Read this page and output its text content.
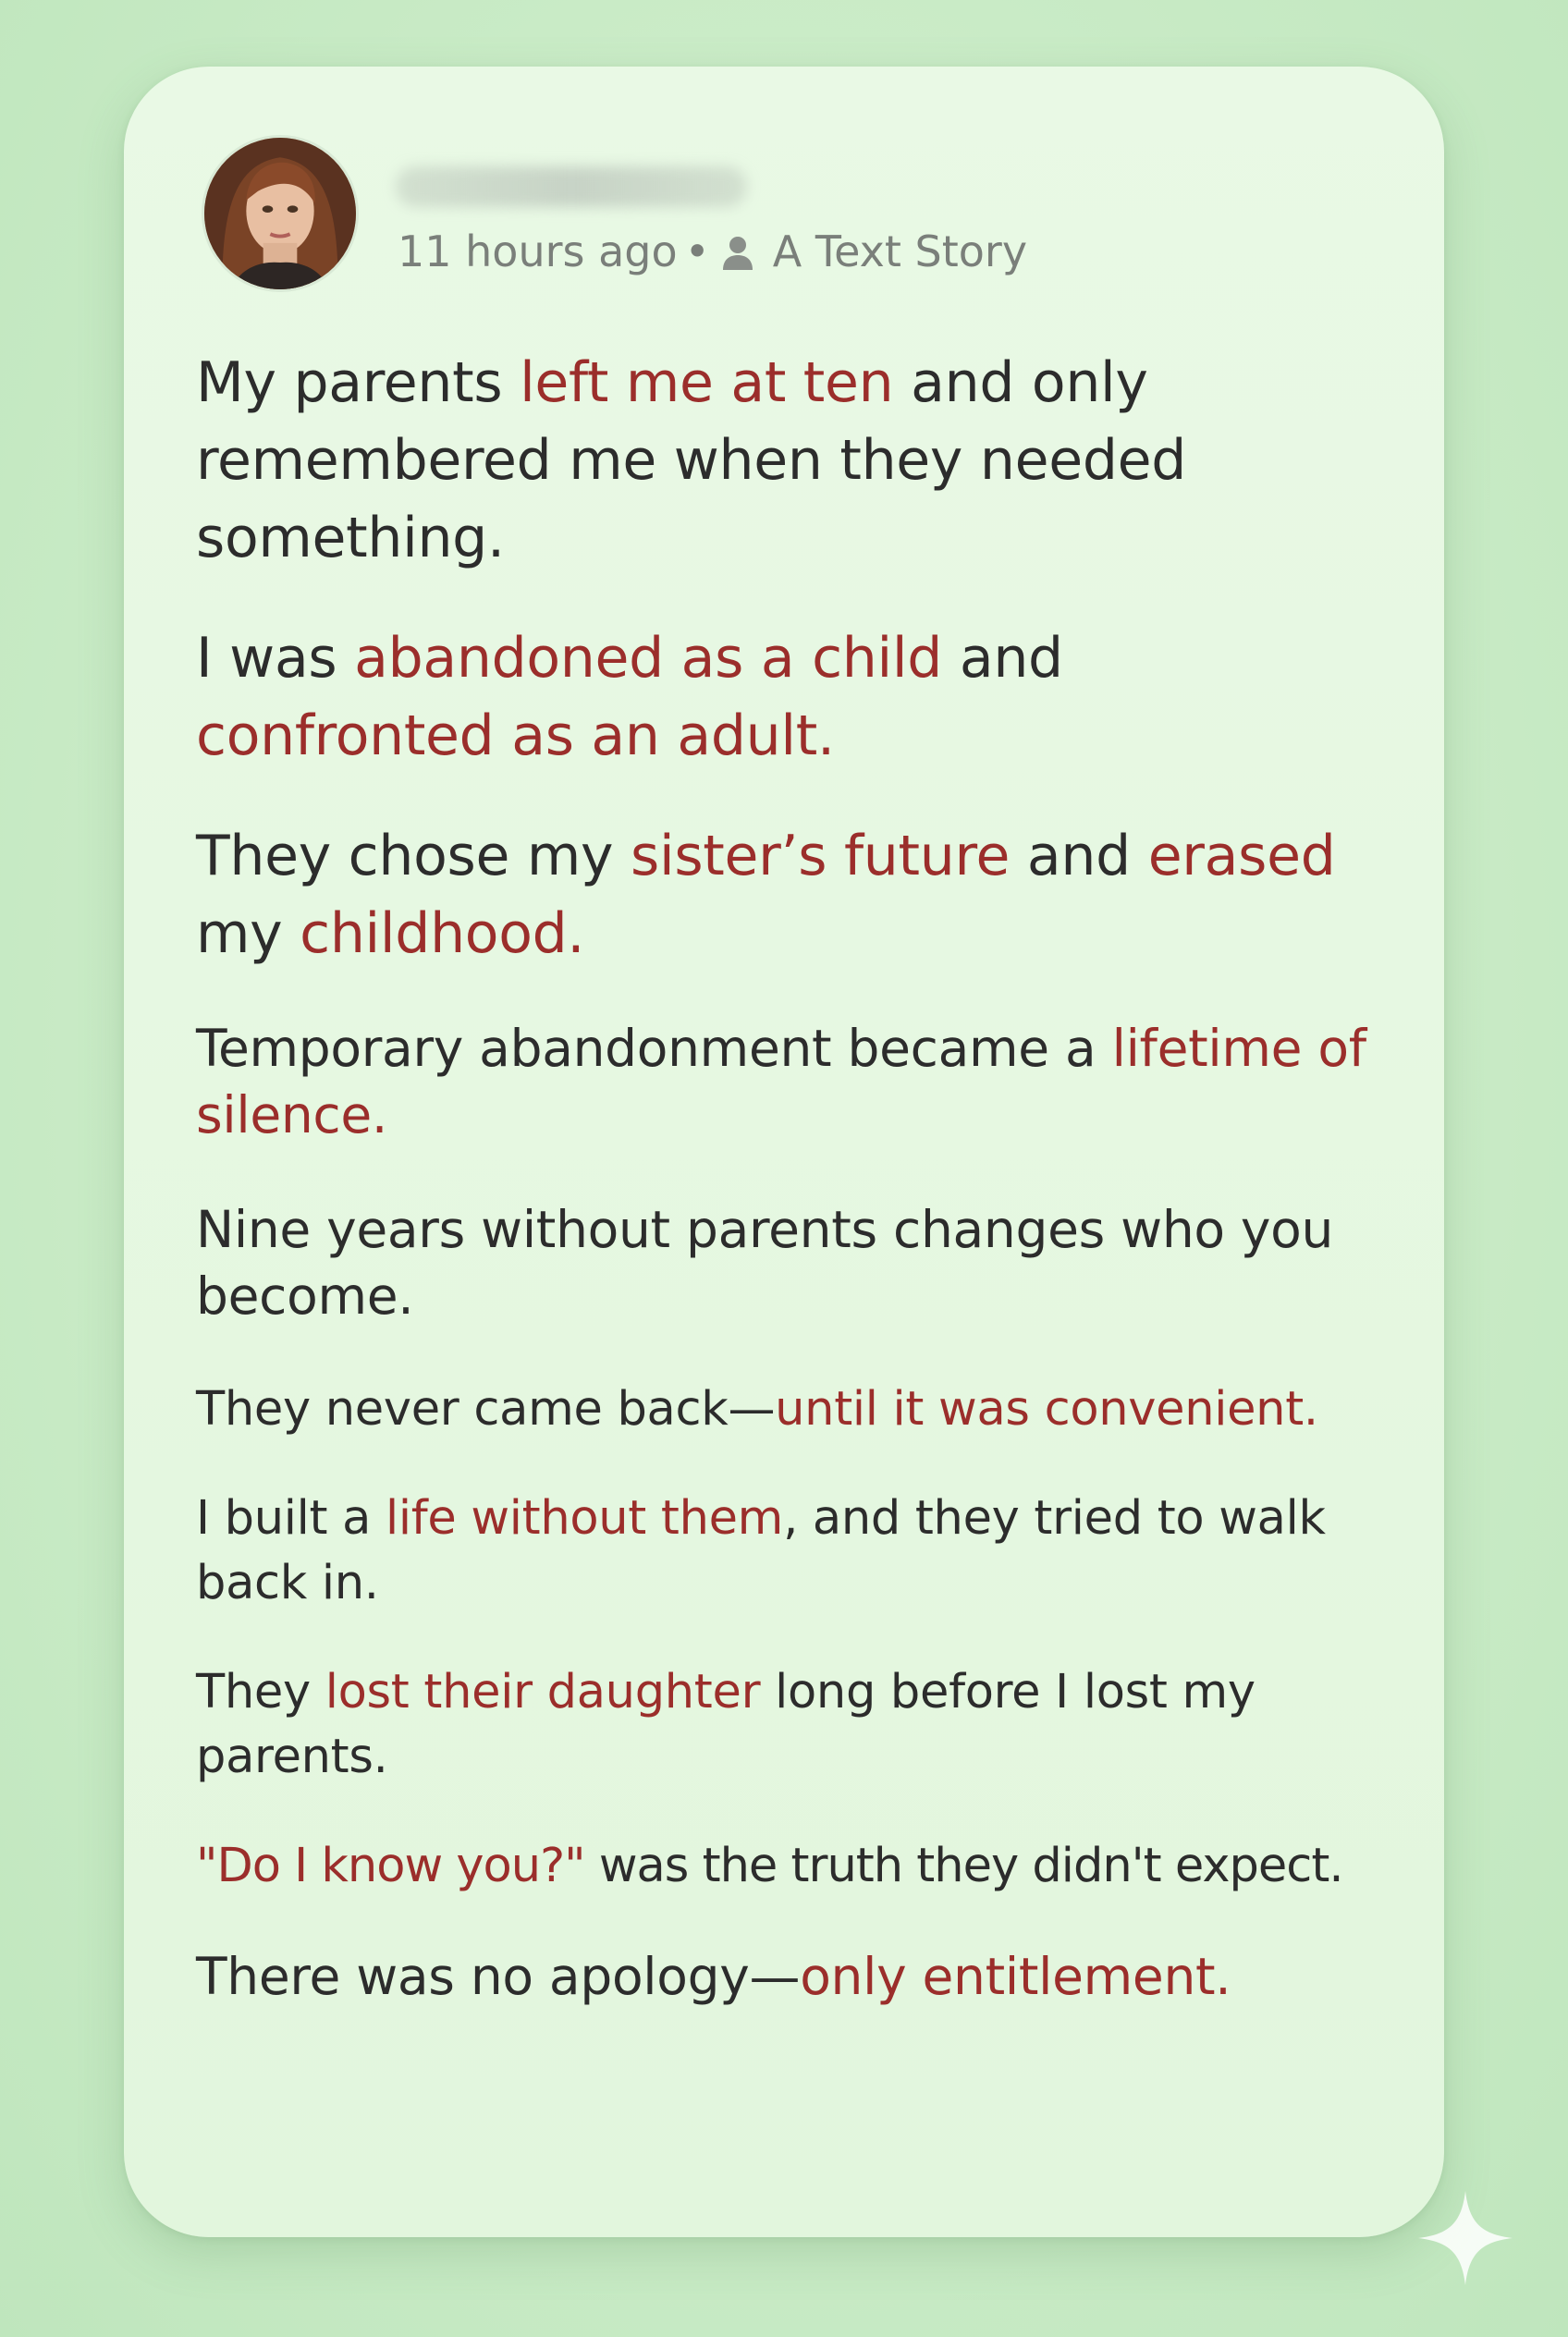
11 hours ago • A Text Story

My parents left me at ten and only remembered me when they needed something.

I was abandoned as a child and
confronted as an adult.

They chose my sister’s future and erased
my childhood.

Temporary abandonment became a lifetime of silence.

Nine years without parents changes who you become.

They never came back—until it was convenient.

I built a life without them, and they tried to walk back in.

They lost their daughter long before I lost my parents.

"Do I know you?" was the truth they didn't expect.

There was no apology—only entitlement.
